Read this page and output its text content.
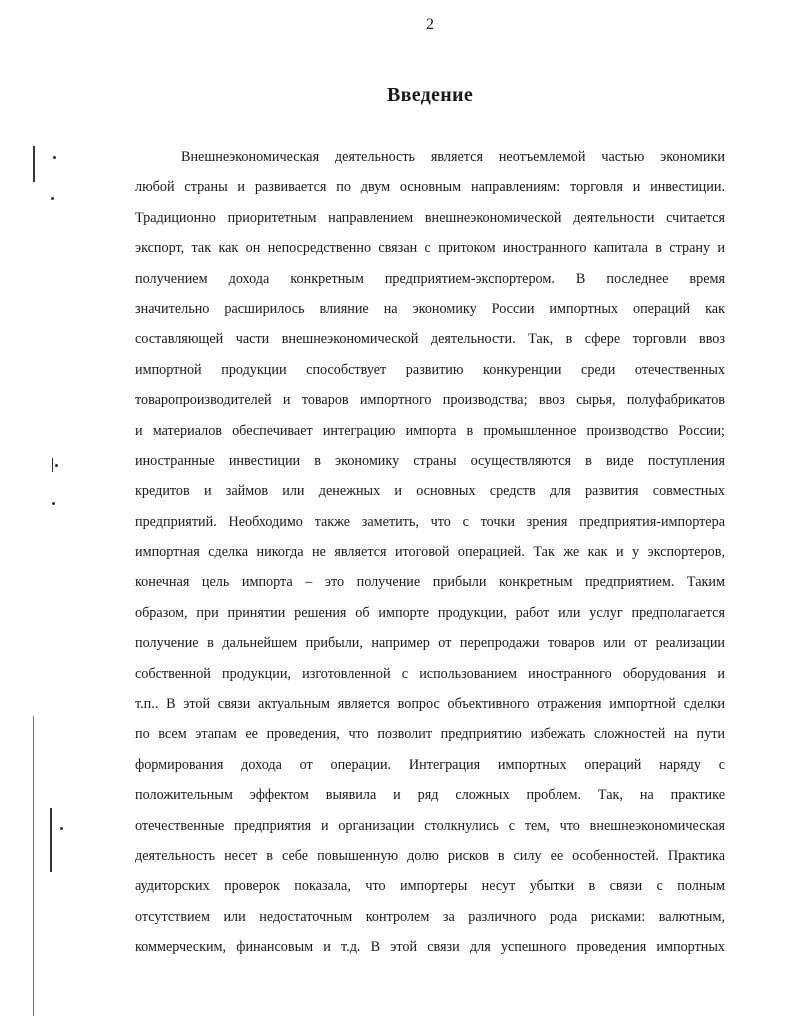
2
Введение
Внешнеэкономическая деятельность является неотъемлемой частью экономики
любой страны и развивается по двум основным направлениям: торговля и инвестиции.
Традиционно приоритетным направлением внешнеэкономической деятельности считается
экспорт, так как он непосредственно связан с притоком иностранного капитала в страну и
получением дохода конкретным предприятием-экспортером. В последнее время
значительно расширилось влияние на экономику России импортных операций как
составляющей части внешнеэкономической деятельности. Так, в сфере торговли ввоз
импортной продукции способствует развитию конкуренции среди отечественных
товаропроизводителей и товаров импортного производства; ввоз сырья, полуфабрикатов
и материалов обеспечивает интеграцию импорта в промышленное производство России;
иностранные инвестиции в экономику страны осуществляются в виде поступления
кредитов и займов или денежных и основных средств для развития совместных
предприятий. Необходимо также заметить, что с точки зрения предприятия-импортера
импортная сделка никогда не является итоговой операцией. Так же как и у экспортеров,
конечная цель импорта – это получение прибыли конкретным предприятием. Таким
образом, при принятии решения об импорте продукции, работ или услуг предполагается
получение в дальнейшем прибыли, например от перепродажи товаров или от реализации
собственной продукции, изготовленной с использованием иностранного оборудования и
т.п.. В этой связи актуальным является вопрос объективного отражения импортной сделки
по всем этапам ее проведения, что позволит предприятию избежать сложностей на пути
формирования дохода от операции. Интеграция импортных операций наряду с
положительным эффектом выявила и ряд сложных проблем. Так, на практике
отечественные предприятия и организации столкнулись с тем, что внешнеэкономическая
деятельность несет в себе повышенную долю рисков в силу ее особенностей. Практика
аудиторских проверок показала, что импортеры несут убытки в связи с полным
отсутствием или недостаточным контролем за различного рода рисками: валютным,
коммерческим, финансовым и т.д. В этой связи для успешного проведения импортных
